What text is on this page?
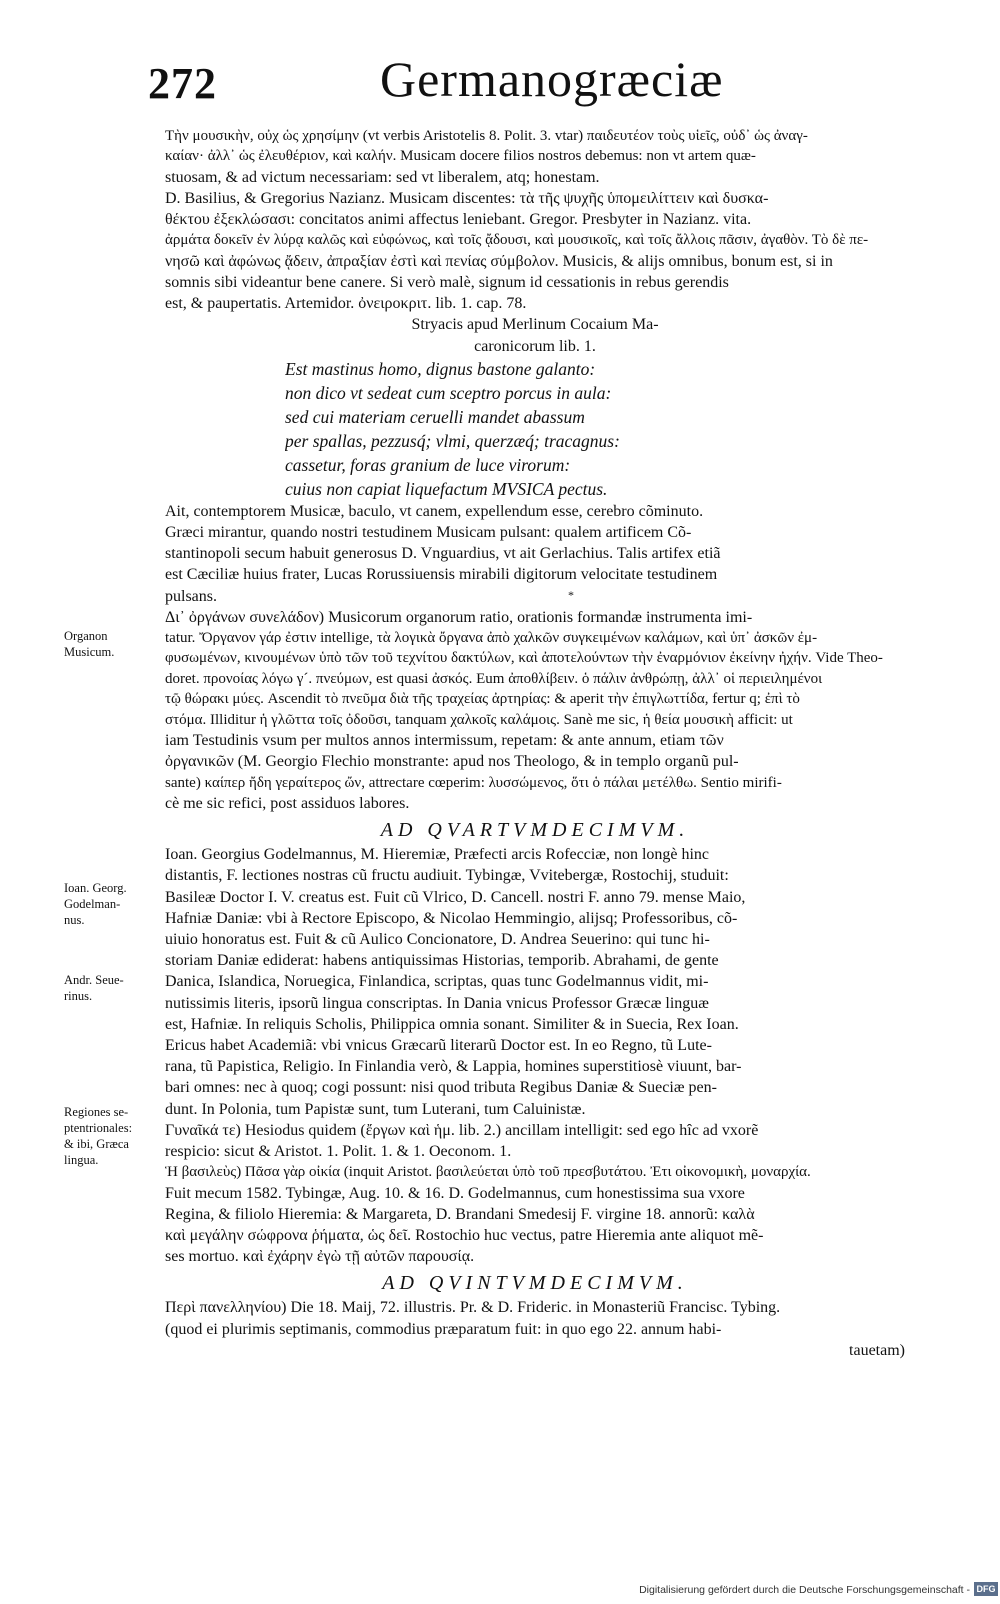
272	Germanogræciæ
Τὴν μουσικὴν, οὐχ ὡς χρησίμην (vt verbis Aristotelis 8. Polit. 3. vtar) παιδευτέον τοὺς υἱεῖς, οὐδ᾽ ὡς ἀναγ-
καίαν· ἀλλ᾽ ὡς ἐλευθέριον, καὶ καλήν. Musicam docere filios nostros debemus: non vt artem quæ-
stuosam, & ad victum necessariam: sed vt liberalem, atq; honestam.
D. Basilius, & Gregorius Nazianz. Musicam discentes: τὰ τῆς ψυχῆς ὑπομειλίττειν καὶ δυσκα-
θέκτου ἐξεκλώσασι: concitatos animi affectus leniebant. Gregor. Presbyter in Nazianz. vita.
ἀρμάτα δοκεῖν ἐν λύρᾳ καλῶς καὶ εὐφώνως, καὶ τοῖς ᾄδουσι, καὶ μουσικοῖς, καὶ τοῖς ἄλλοις πᾶσιν, ἀγαθὸν. Τὸ δὲ πε-
νησῶ καὶ ἀφώνως ᾄδειν, ἀπραξίαν ἐστὶ καὶ πενίας σύμβολον. Musicis, & alijs omnibus, bonum est, si in
somnis sibi videantur bene canere. Si verò malè, signum id cessationis in rebus gerendis
est, & paupertatis. Artemidor. ὀνειροκριτ. lib. 1. cap. 78.
Stryacis apud Merlinum Cocaium Ma-
caronicorum lib. 1.
Est mastinus homo, dignus bastone galanto:
non dico vt sedeat cum sceptro porcus in aula:
sed cui materiam ceruelli mandet abassum
per spallas, pezzusq́; vlmi, querzæq́; tracagnus:
cassetur, foras granium de luce virorum:
cuius non capiat liquefactum MVSICA pectus.
Ait, contemptorem Musicæ, baculo, vt canem, expellendum esse, cerebro cõminuto.
Græci mirantur, quando nostri testudinem Musicam pulsant: qualem artificem Cõ-
stantinopoli secum habuit generosus D. Vnguardius, vt ait Gerlachius. Talis artifex etiã
est Cæciliæ huius frater, Lucas Rorussiuensis mirabili digitorum velocitate testudinem
pulsans.
Δι᾽ ὀργάνων συνελάδον) Musicorum organorum ratio, orationis formandæ instrumenta imi-
tatur. Ὄργανον γάρ ἐστιν intellige, τὰ λογικὰ ὄργανα ἀπὸ χαλκῶν συγκειμένων καλάμων, καὶ ὑπ᾽ ἀσκῶν ἐμ-
φυσωμένων, κινουμένων ὑπὸ τῶν τοῦ τεχνίτου δακτύλων, καὶ ἀποτελούντων τὴν ἐναρμόνιον ἐκείνην ἠχήν. Vide Theo-
doret. προνοίας λόγω γ´. πνεύμων, est quasi ἀσκός. Eum ἀποθλίβειν. ὁ πάλιν ἀνθρώπῃ, ἀλλ᾽ οἱ περιειλημένοι
τῷ θώρακι μύες. Ascendit τὸ πνεῦμα διὰ τῆς τραχείας ἀρτηρίας: & aperit τὴν ἐπιγλωττίδα, fertur q; ἐπὶ τὸ
στόμα. Illiditur ἡ γλῶττα τοῖς ὀδοῦσι, tanquam χαλκοῖς καλάμοις. Sanè me sic, ἡ θεία μουσικὴ afficit: ut
iam Testudinis vsum per multos annos intermissum, repetam: & ante annum, etiam τῶν
ὀργανικῶν (M. Georgio Flechio monstrante: apud nos Theologo, & in templo organũ pul-
sante) καίπερ ἤδη γεραίτερος ὤν, attrectare cœperim: λυσσώμενος, ὅτι ὁ πάλαι μετέλθω. Sentio mirifi-
cè me sic refici, post assiduos labores.
AD QVARTVMDECIMVM.
Ioan. Georgius Godelmannus, M. Hieremiæ, Præfecti arcis Rofecciæ, non longè hinc
distantis, F. lectiones nostras cũ fructu audiuit. Tybingæ, Vvitebergæ, Rostochij, studuit:
Basileæ Doctor I. V. creatus est. Fuit cũ Vlrico, D. Cancell. nostri F. anno 79. mense Maio,
Hafniæ Daniæ: vbi à Rectore Episcopo, & Nicolao Hemmingio, alijsq; Professoribus, cõ-
uiuio honoratus est. Fuit & cũ Aulico Concionatore, D. Andrea Seuerino: qui tunc hi-
storiam Daniæ ediderat: habens antiquissimas Historias, temporib. Abrahami, de gente
Danica, Islandica, Noruegica, Finlandica, scriptas, quas tunc Godelmannus vidit, mi-
nutissimis literis, ipsorũ lingua conscriptas. In Dania vnicus Professor Græcæ linguæ
est, Hafniæ. In reliquis Scholis, Philippica omnia sonant. Similiter & in Suecia, Rex Ioan.
Ericus habet Academiã: vbi vnicus Græcarũ literarũ Doctor est. In eo Regno, tũ Lute-
rana, tũ Papistica, Religio. In Finlandia verò, & Lappia, homines superstitiosè viuunt, bar-
bari omnes: nec à quoq; cogi possunt: nisi quod tributa Regibus Daniæ & Sueciæ pen-
dunt. In Polonia, tum Papistæ sunt, tum Luterani, tum Caluinistæ.
Γυναῖκά τε) Hesiodus quidem (ἔργων καὶ ἡμ. lib. 2.) ancillam intelligit: sed ego hîc ad vxorẽ
respicio: sicut & Aristot. 1. Polit. 1. & 1. Oeconom. 1.
Ἡ βασιλεὺς) Πᾶσα γὰρ οἰκία (inquit Aristot. βασιλεύεται ὑπὸ τοῦ πρεσβυτάτου. Ἐτι οἰκονομικὴ, μοναρχία.
Fuit mecum 1582. Tybingæ, Aug. 10. & 16. D. Godelmannus, cum honestissima sua vxore
Regina, & filiolo Hieremia: & Margareta, D. Brandani Smedesij F. virgine 18. annorũ: καλὰ
καὶ μεγάλην σώφρονα ῥήματα, ὡς δεῖ. Rostochio huc vectus, patre Hieremia ante aliquot mẽ-
ses mortuo. καὶ ἐχάρην ἐγὼ τῇ αὐτῶν παρουσίᾳ.
AD QVINTVMDECIMVM.
Περὶ πανελληνίου) Die 18. Maij, 72. illustris. Pr. & D. Frideric. in Monasteriũ Francisc. Tybing.
(quod ei plurimis septimanis, commodius præparatum fuit: in quo ego 22. annum habi-
tauetam)
Organon
Musicum.
Ioan. Georg.
Godelman-
nus.
Andr. Seue-
rinus.
Regiones se-
ptentrionales:
& ibi, Græca
lingua.
*
Digitalisierung gefördert durch die Deutsche Forschungsgemeinschaft - DFG
